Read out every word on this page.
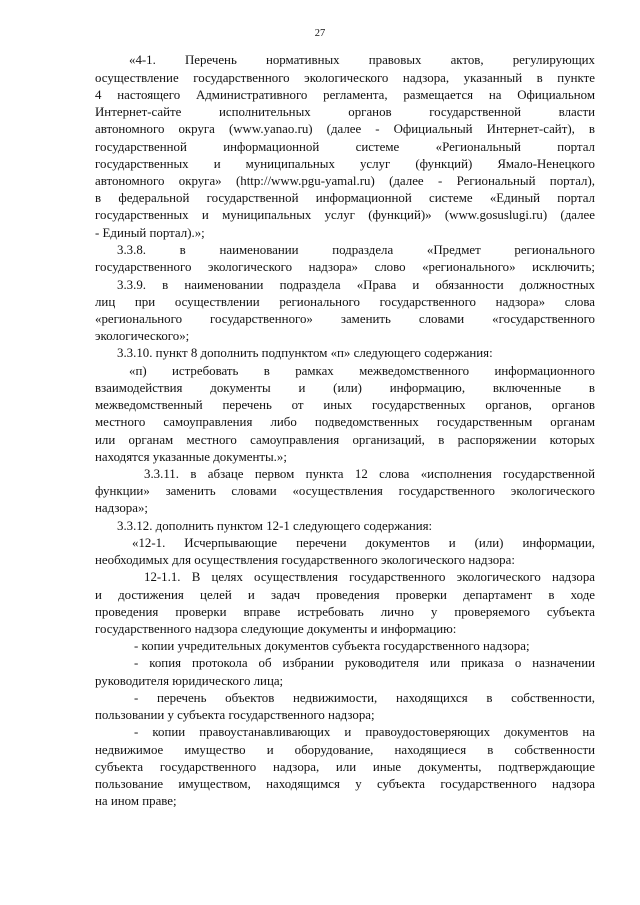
27
«4-1. Перечень нормативных правовых актов, регулирующих
осуществление государственного экологического надзора, указанный в пункте
4 настоящего Административного регламента, размещается на Официальном
Интернет-сайте исполнительных органов государственной власти
автономного округа (www.yanao.ru) (далее - Официальный Интернет-сайт), в
государственной информационной системе «Региональный портал
государственных и муниципальных услуг (функций) Ямало-Ненецкого
автономного округа» (http://www.pgu-yamal.ru) (далее - Региональный портал),
в федеральной государственной информационной системе «Единый портал
государственных и муниципальных услуг (функций)» (www.gosuslugi.ru) (далее
- Единый портал).»;
3.3.8. в наименовании подраздела «Предмет регионального
государственного экологического надзора» слово «регионального» исключить;
3.3.9. в наименовании подраздела «Права и обязанности должностных
лиц при осуществлении регионального государственного надзора» слова
«регионального государственного» заменить словами «государственного
экологического»;
3.3.10. пункт 8 дополнить подпунктом «п» следующего содержания:
«п) истребовать в рамках межведомственного информационного
взаимодействия документы и (или) информацию, включенные в
межведомственный перечень от иных государственных органов, органов
местного самоуправления либо подведомственных государственным органам
или органам местного самоуправления организаций, в распоряжении которых
находятся указанные документы.»;
3.3.11. в абзаце первом пункта 12 слова «исполнения государственной
функции» заменить словами «осуществления государственного экологического
надзора»;
3.3.12. дополнить пунктом 12-1 следующего содержания:
«12-1. Исчерпывающие перечени документов и (или) информации,
необходимых для осуществления государственного экологического надзора:
12-1.1. В целях осуществления государственного экологического надзора
и достижения целей и задач проведения проверки департамент в ходе
проведения проверки вправе истребовать лично у проверяемого субъекта
государственного надзора следующие документы и информацию:
- копии учредительных документов субъекта государственного надзора;
- копия протокола об избрании руководителя или приказа о назначении
руководителя юридического лица;
- перечень объектов недвижимости, находящихся в собственности,
пользовании у субъекта государственного надзора;
- копии правоустанавливающих и правоудостоверяющих документов на
недвижимое имущество и оборудование, находящиеся в собственности
субъекта государственного надзора, или иные документы, подтверждающие
пользование имуществом, находящимся у субъекта государственного надзора
на ином праве;
